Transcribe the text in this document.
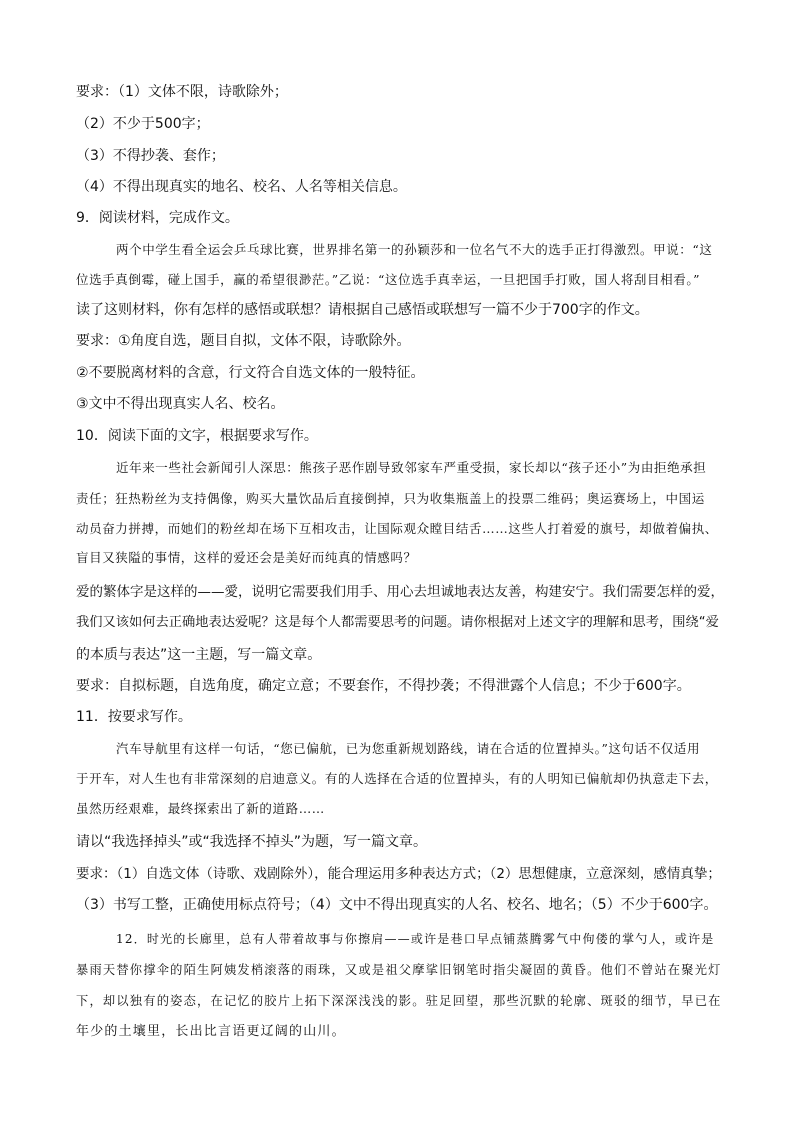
要求：（1）文体不限，诗歌除外；

（2）不少于500字；

（3）不得抄袭、套作；

（4）不得出现真实的地名、校名、人名等相关信息。

9．阅读材料，完成作文。

两个中学生看全运会乒乓球比赛，世界排名第一的孙颖莎和一位名气不大的选手正打得激烈。甲说：“这

位选手真倒霉，碰上国手，赢的希望很渺茫。”乙说：“这位选手真幸运，一旦把国手打败，国人将刮目相看。”

读了这则材料，你有怎样的感悟或联想？请根据自己感悟或联想写一篇不少于700字的作文。

要求：①角度自选，题目自拟，文体不限，诗歌除外。

②不要脱离材料的含意，行文符合自选文体的一般特征。

③文中不得出现真实人名、校名。

10．阅读下面的文字，根据要求写作。

近年来一些社会新闻引人深思：熊孩子恶作剧导致邻家车严重受损，家长却以“孩子还小”为由拒绝承担

责任；狂热粉丝为支持偶像，购买大量饮品后直接倒掉，只为收集瓶盖上的投票二维码；奥运赛场上，中国运

动员奋力拼搏，而她们的粉丝却在场下互相攻击，让国际观众瞠目结舌……这些人打着爱的旗号，却做着偏执、

盲目又狭隘的事情，这样的爱还会是美好而纯真的情感吗？

爱的繁体字是这样的——愛，说明它需要我们用手、用心去坦诚地表达友善，构建安宁。我们需要怎样的爱，

我们又该如何去正确地表达爱呢？这是每个人都需要思考的问题。请你根据对上述文字的理解和思考，围绕“爱

的本质与表达”这一主题，写一篇文章。

要求：自拟标题，自选角度，确定立意；不要套作，不得抄袭；不得泄露个人信息；不少于600字。

11．按要求写作。

汽车导航里有这样一句话，“您已偏航，已为您重新规划路线，请在合适的位置掉头。”这句话不仅适用

于开车，对人生也有非常深刻的启迪意义。有的人选择在合适的位置掉头，有的人明知已偏航却仍执意走下去，

虽然历经艰难，最终探索出了新的道路……

请以“我选择掉头”或“我选择不掉头”为题，写一篇文章。

要求：（1）自选文体（诗歌、戏剧除外），能合理运用多种表达方式；（2）思想健康，立意深刻，感情真挚；

（3）书写工整，正确使用标点符号；（4）文中不得出现真实的人名、校名、地名；（5）不少于600字。

12．时光的长廊里，总有人带着故事与你擦肩——或许是巷口早点铺蒸腾雾气中佝偻的掌勺人，或许是

暴雨天替你撑伞的陌生阿姨发梢滚落的雨珠，又或是祖父摩挲旧钢笔时指尖凝固的黄昏。他们不曾站在聚光灯

下，却以独有的姿态，在记忆的胶片上拓下深深浅浅的影。驻足回望，那些沉默的轮廓、斑驳的细节，早已在

年少的土壤里，长出比言语更辽阔的山川。
